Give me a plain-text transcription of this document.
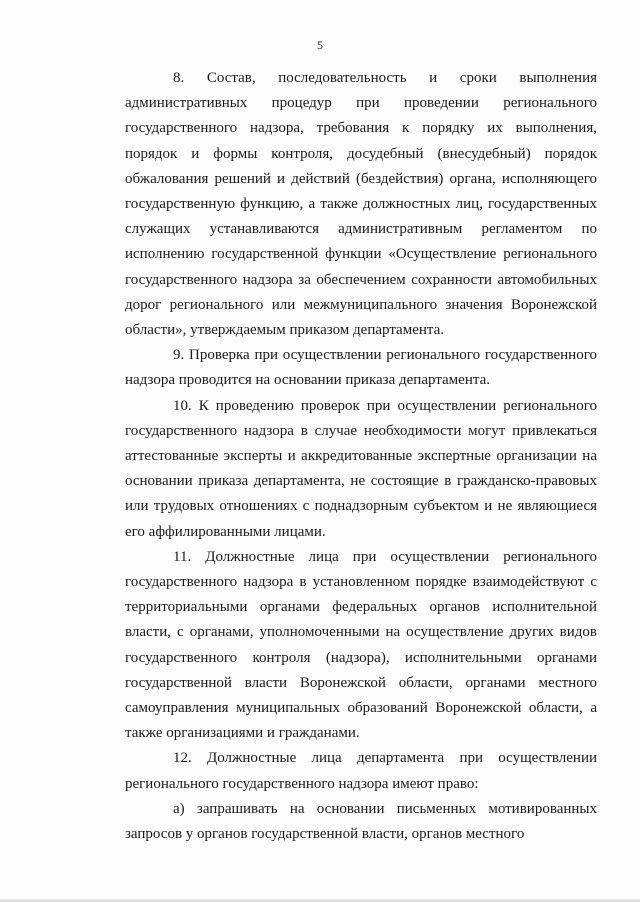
5

8. Состав, последовательность и сроки выполнения административных процедур при проведении регионального государственного надзора, требования к порядку их выполнения, порядок и формы контроля, досудебный (внесудебный) порядок обжалования решений и действий (бездействия) органа, исполняющего государственную функцию, а также должностных лиц, государственных служащих устанавливаются административным регламентом по исполнению государственной функции «Осуществление регионального государственного надзора за обеспечением сохранности автомобильных дорог регионального или межмуниципального значения Воронежской области», утверждаемым приказом департамента.

9. Проверка при осуществлении регионального государственного надзора проводится на основании приказа департамента.

10. К проведению проверок при осуществлении регионального государственного надзора в случае необходимости могут привлекаться аттестованные эксперты и аккредитованные экспертные организации на основании приказа департамента, не состоящие в гражданско-правовых или трудовых отношениях с поднадзорным субъектом и не являющиеся его аффилированными лицами.

11. Должностные лица при осуществлении регионального государственного надзора в установленном порядке взаимодействуют с территориальными органами федеральных органов исполнительной власти, с органами, уполномоченными на осуществление других видов государственного контроля (надзора), исполнительными органами государственной власти Воронежской области, органами местного самоуправления муниципальных образований Воронежской области, а также организациями и гражданами.

12. Должностные лица департамента при осуществлении регионального государственного надзора имеют право:

а) запрашивать на основании письменных мотивированных запросов у органов государственной власти, органов местного
